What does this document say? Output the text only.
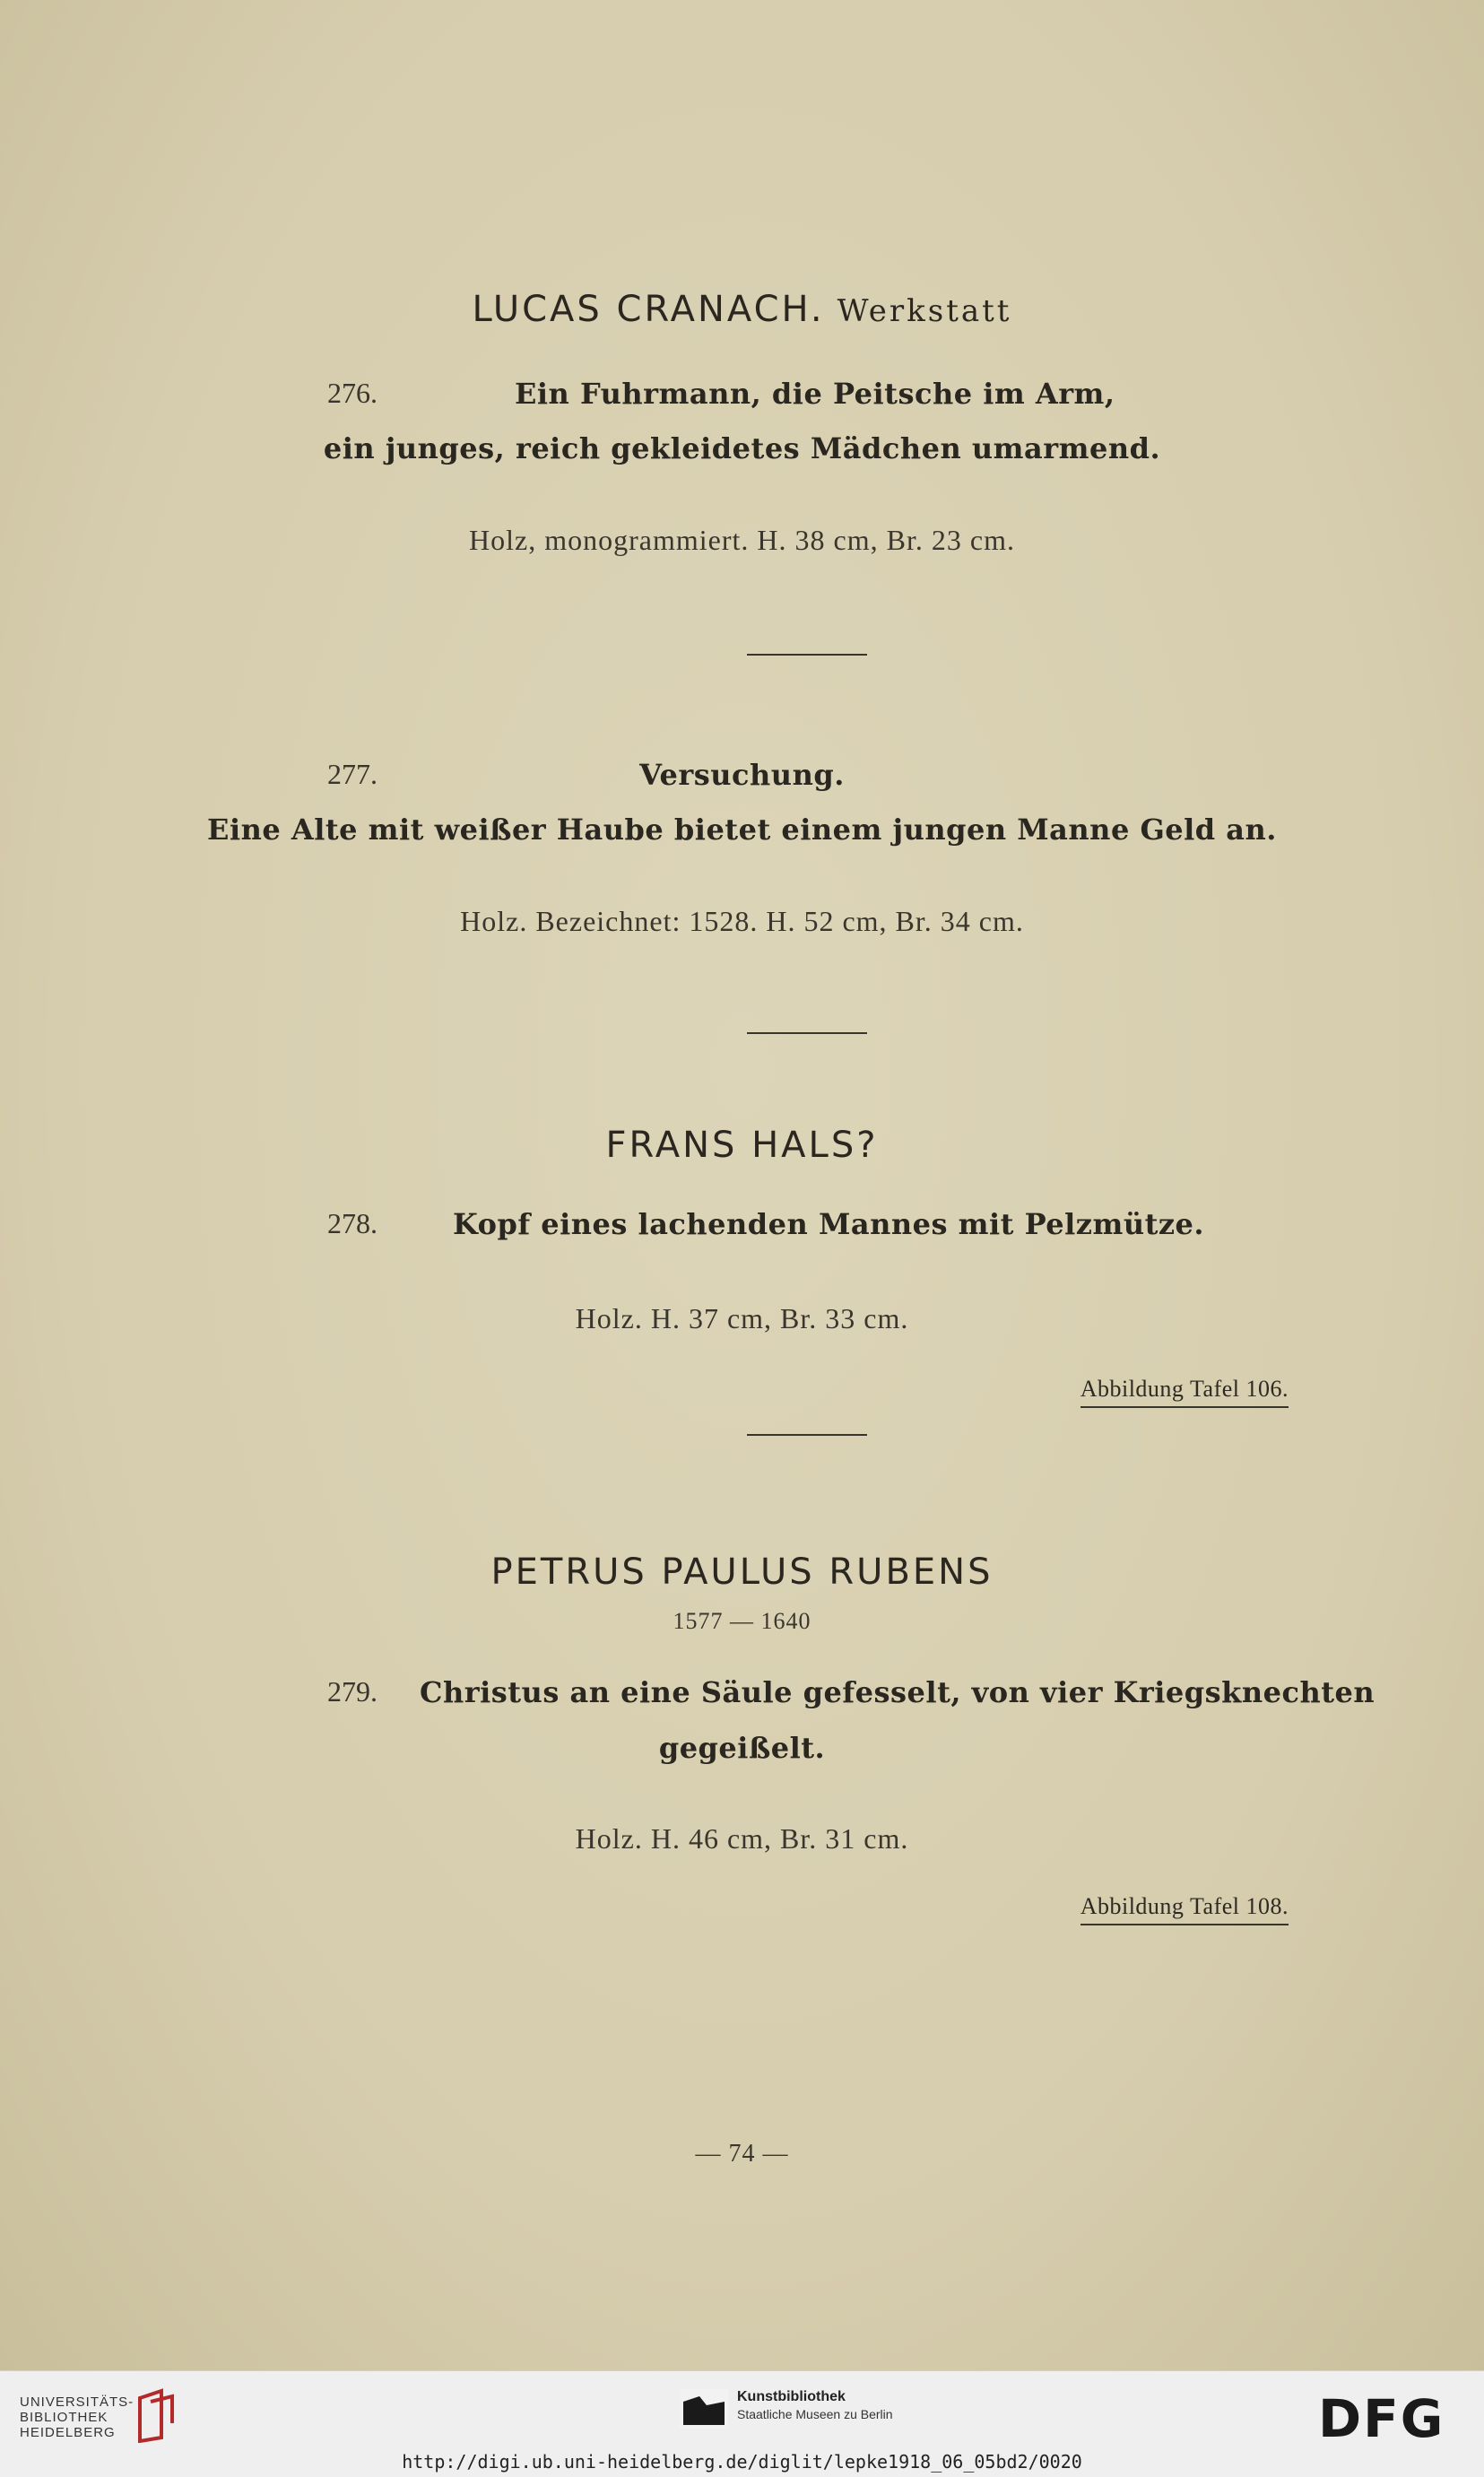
LUCAS CRANACH. Werkstatt
276.	Ein Fuhrmann, die Peitsche im Arm,
ein junges, reich gekleidetes Mädchen umarmend.
Holz, monogrammiert. H. 38 cm, Br. 23 cm.
277.	Versuchung.
Eine Alte mit weißer Haube bietet einem jungen Manne Geld an.
Holz. Bezeichnet: 1528. H. 52 cm, Br. 34 cm.
FRANS HALS?
278.	Kopf eines lachenden Mannes mit Pelzmütze.
Holz. H. 37 cm, Br. 33 cm.
Abbildung Tafel 106.
PETRUS PAULUS RUBENS
1577 — 1640
279. Christus an eine Säule gefesselt, von vier Kriegsknechten
gegeißelt.
Holz. H. 46 cm, Br. 31 cm.
Abbildung Tafel 108.
— 74 —
UNIVERSITÄTS-
BIBLIOTHEK
HEIDELBERG
Kunstbibliothek
Staatliche Museen zu Berlin	DFG
http://digi.ub.uni-heidelberg.de/diglit/lepke1918_06_05bd2/0020
